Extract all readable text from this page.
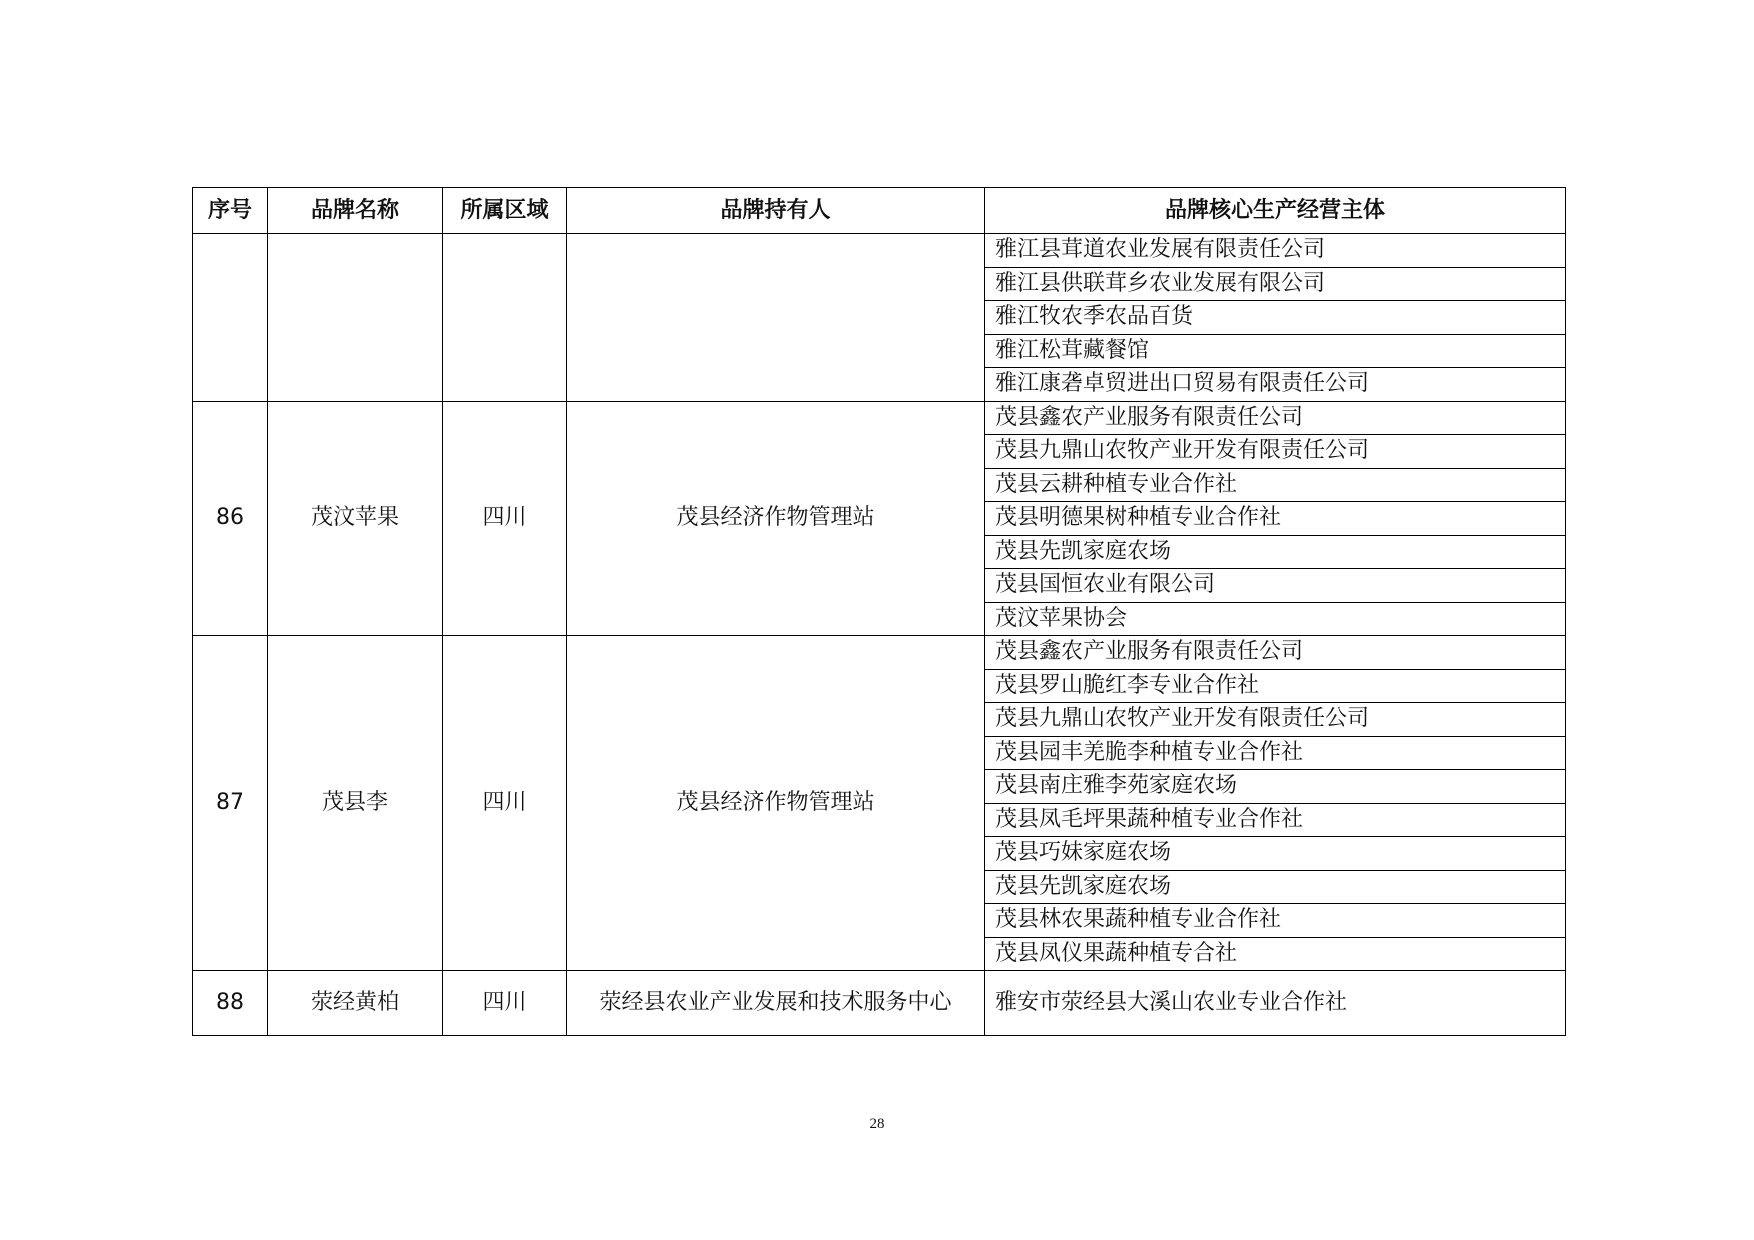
序号	品牌名称	所属区域	品牌持有人	品牌核心生产经营主体
				雅江县茸道农业发展有限责任公司
				雅江县供联茸乡农业发展有限公司
				雅江牧农季农品百货
				雅江松茸藏餐馆
				雅江康砻卓贸进出口贸易有限责任公司
86	茂汶苹果	四川	茂县经济作物管理站	茂县鑫农产业服务有限责任公司
				茂县九鼎山农牧产业开发有限责任公司
				茂县云耕种植专业合作社
				茂县明德果树种植专业合作社
				茂县先凯家庭农场
				茂县国恒农业有限公司
				茂汶苹果协会
87	茂县李	四川	茂县经济作物管理站	茂县鑫农产业服务有限责任公司
				茂县罗山脆红李专业合作社
				茂县九鼎山农牧产业开发有限责任公司
				茂县园丰羌脆李种植专业合作社
				茂县南庄雅李苑家庭农场
				茂县凤毛坪果蔬种植专业合作社
				茂县巧妹家庭农场
				茂县先凯家庭农场
				茂县林农果蔬种植专业合作社
				茂县凤仪果蔬种植专合社
88	荥经黄柏	四川	荥经县农业产业发展和技术服务中心	雅安市荥经县大溪山农业专业合作社
28
